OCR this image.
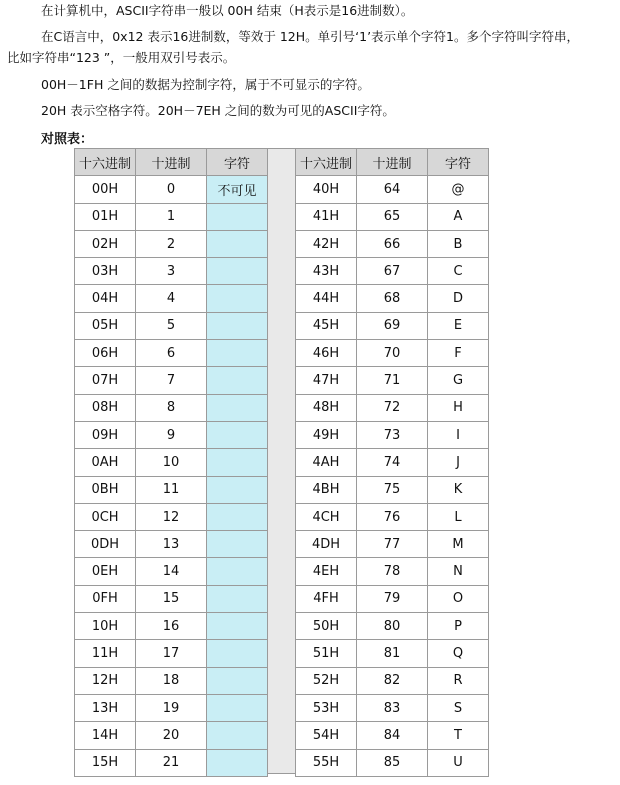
在计算机中，ASCII字符串一般以 00H 结束（H表示是16进制数）。
在C语言中，0x12 表示16进制数，等效于 12H。单引号‘1’表示单个字符1。多个字符叫字符串，
比如字符串“123 ”，一般用双引号表示。
00H－1FH 之间的数据为控制字符，属于不可显示的字符。
20H 表示空格字符。20H－7EH 之间的数为可见的ASCII字符。
对照表：
十六进制	十进制	字符
00H	0	不可见
01H	1	
02H	2	
03H	3	
04H	4	
05H	5	
06H	6	
07H	7	
08H	8	
09H	9	
0AH	10	
0BH	11	
0CH	12	
0DH	13	
0EH	14	
0FH	15	
10H	16	
11H	17	
12H	18	
13H	19	
14H	20	
15H	21	
十六进制	十进制	字符
40H	64	@
41H	65	A
42H	66	B
43H	67	C
44H	68	D
45H	69	E
46H	70	F
47H	71	G
48H	72	H
49H	73	I
4AH	74	J
4BH	75	K
4CH	76	L
4DH	77	M
4EH	78	N
4FH	79	O
50H	80	P
51H	81	Q
52H	82	R
53H	83	S
54H	84	T
55H	85	U
